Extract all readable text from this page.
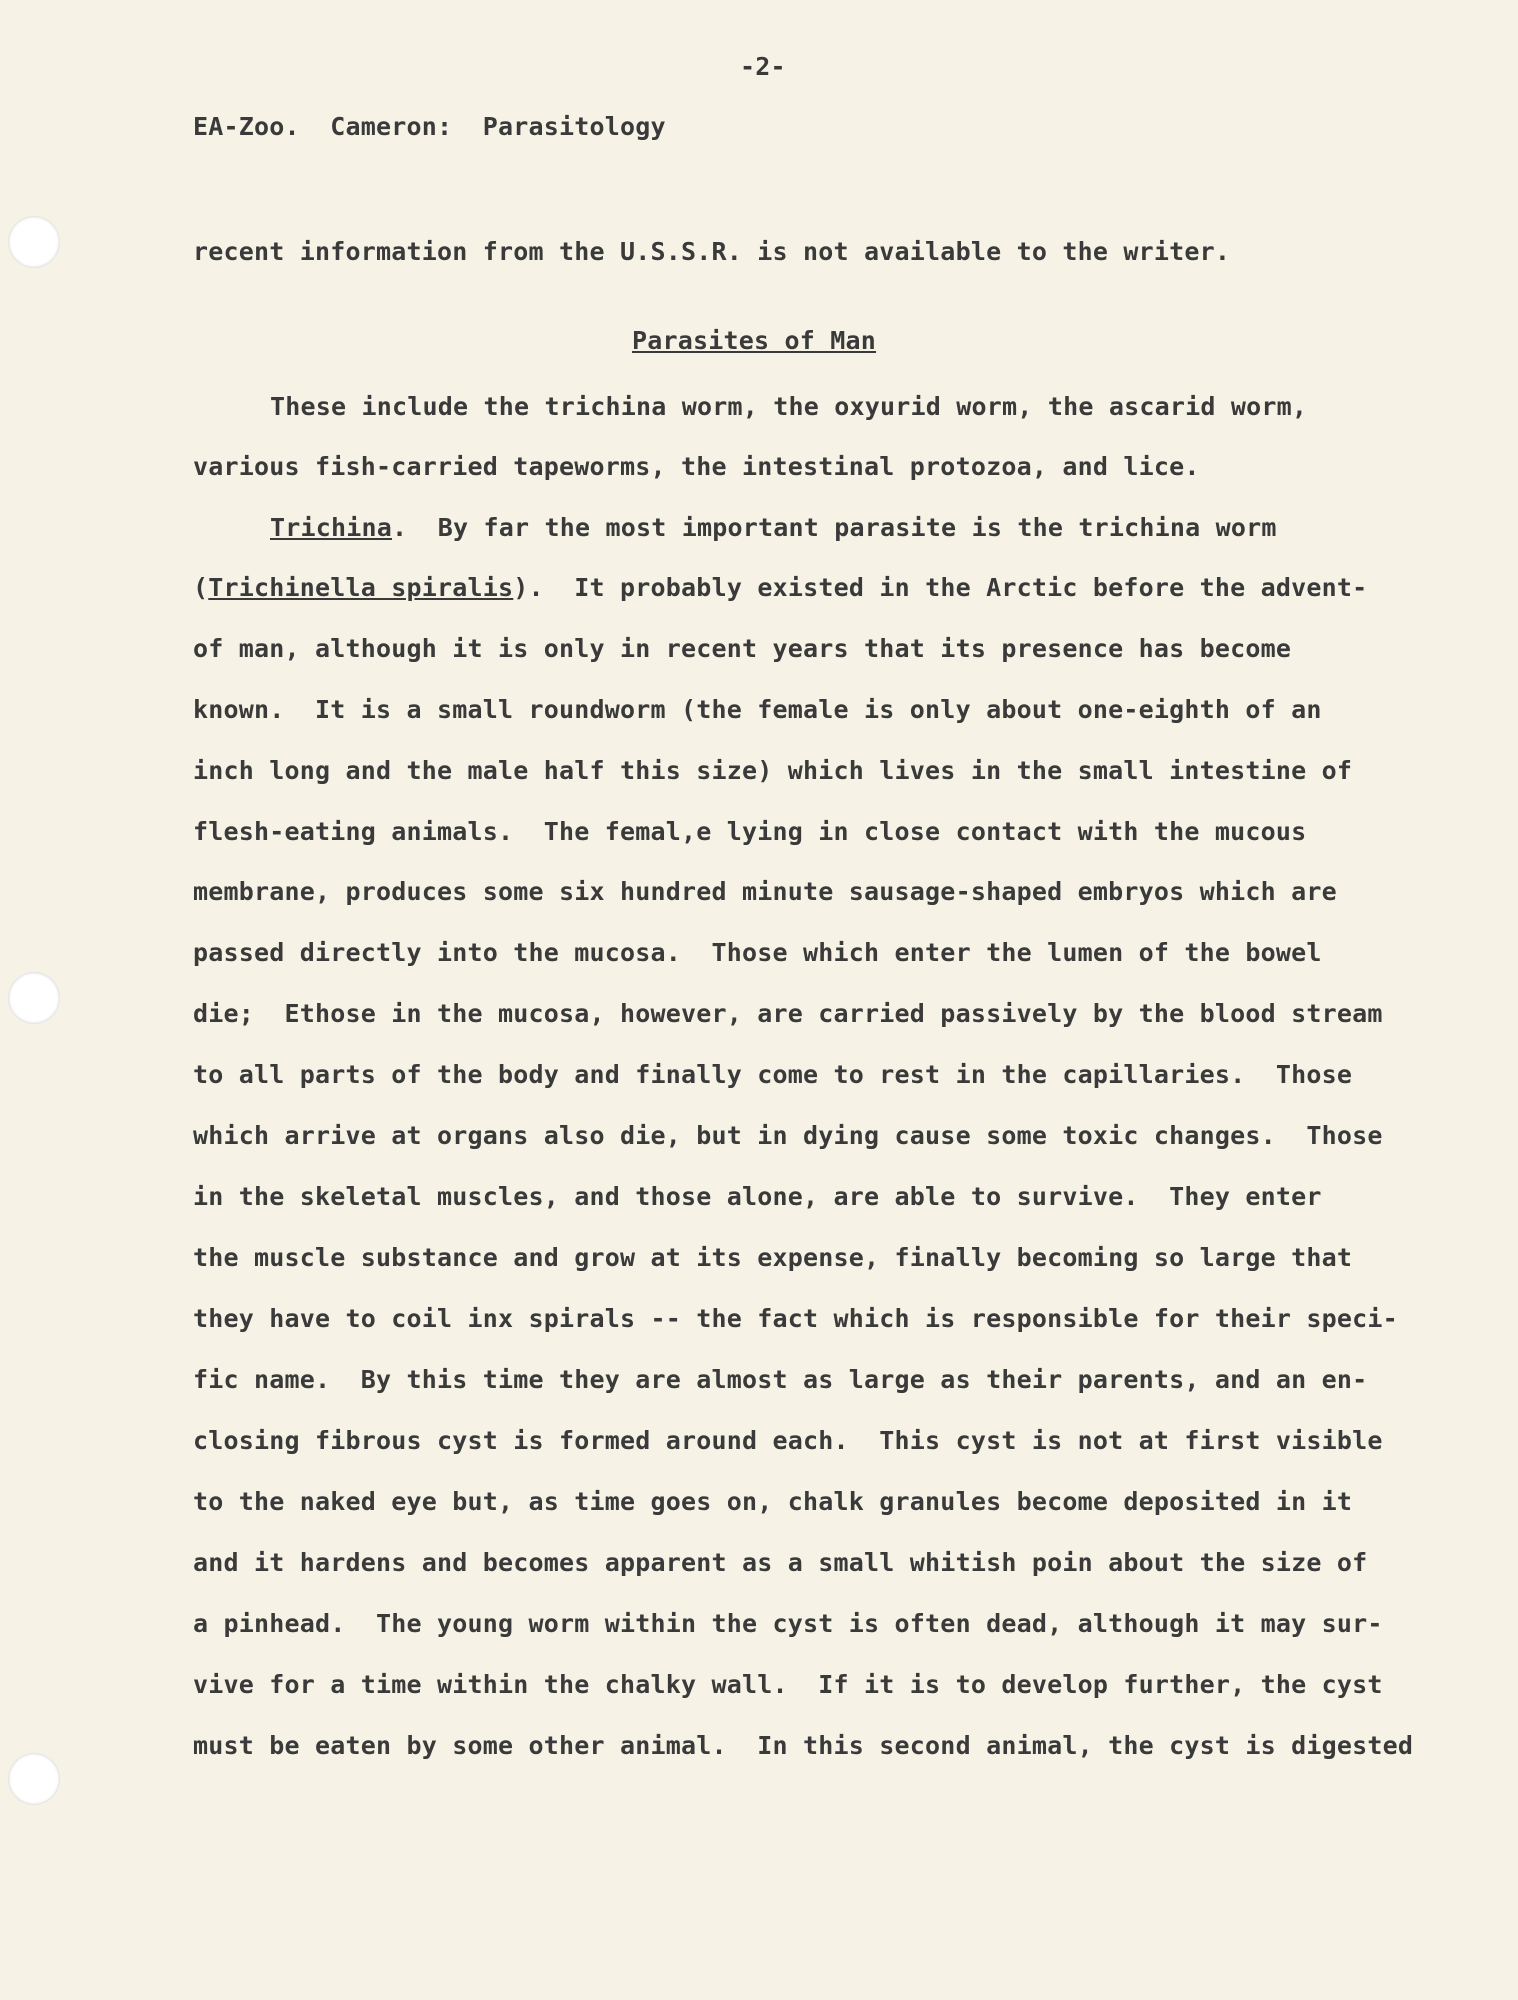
-2-
EA-Zoo.  Cameron:  Parasitology
recent information from the U.S.S.R. is not available to the writer.
Parasites of Man
These include the trichina worm, the oxyurid worm, the ascarid worm,
various fish-carried tapeworms, the intestinal protozoa, and lice.
Trichina.  By far the most important parasite is the trichina worm
(Trichinella spiralis).  It probably existed in the Arctic before the advent-
of man, although it is only in recent years that its presence has become
known.  It is a small roundworm (the female is only about one-eighth of an
inch long and the male half this size) which lives in the small intestine of
flesh-eating animals.  The femal,e lying in close contact with the mucous
membrane, produces some six hundred minute sausage-shaped embryos which are
passed directly into the mucosa.  Those which enter the lumen of the bowel
die;  Ethose in the mucosa, however, are carried passively by the blood stream
to all parts of the body and finally come to rest in the capillaries.  Those
which arrive at organs also die, but in dying cause some toxic changes.  Those
in the skeletal muscles, and those alone, are able to survive.  They enter
the muscle substance and grow at its expense, finally becoming so large that
they have to coil inx spirals -- the fact which is responsible for their speci-
fic name.  By this time they are almost as large as their parents, and an en-
closing fibrous cyst is formed around each.  This cyst is not at first visible
to the naked eye but, as time goes on, chalk granules become deposited in it
and it hardens and becomes apparent as a small whitish poin about the size of
a pinhead.  The young worm within the cyst is often dead, although it may sur-
vive for a time within the chalky wall.  If it is to develop further, the cyst
must be eaten by some other animal.  In this second animal, the cyst is digested
